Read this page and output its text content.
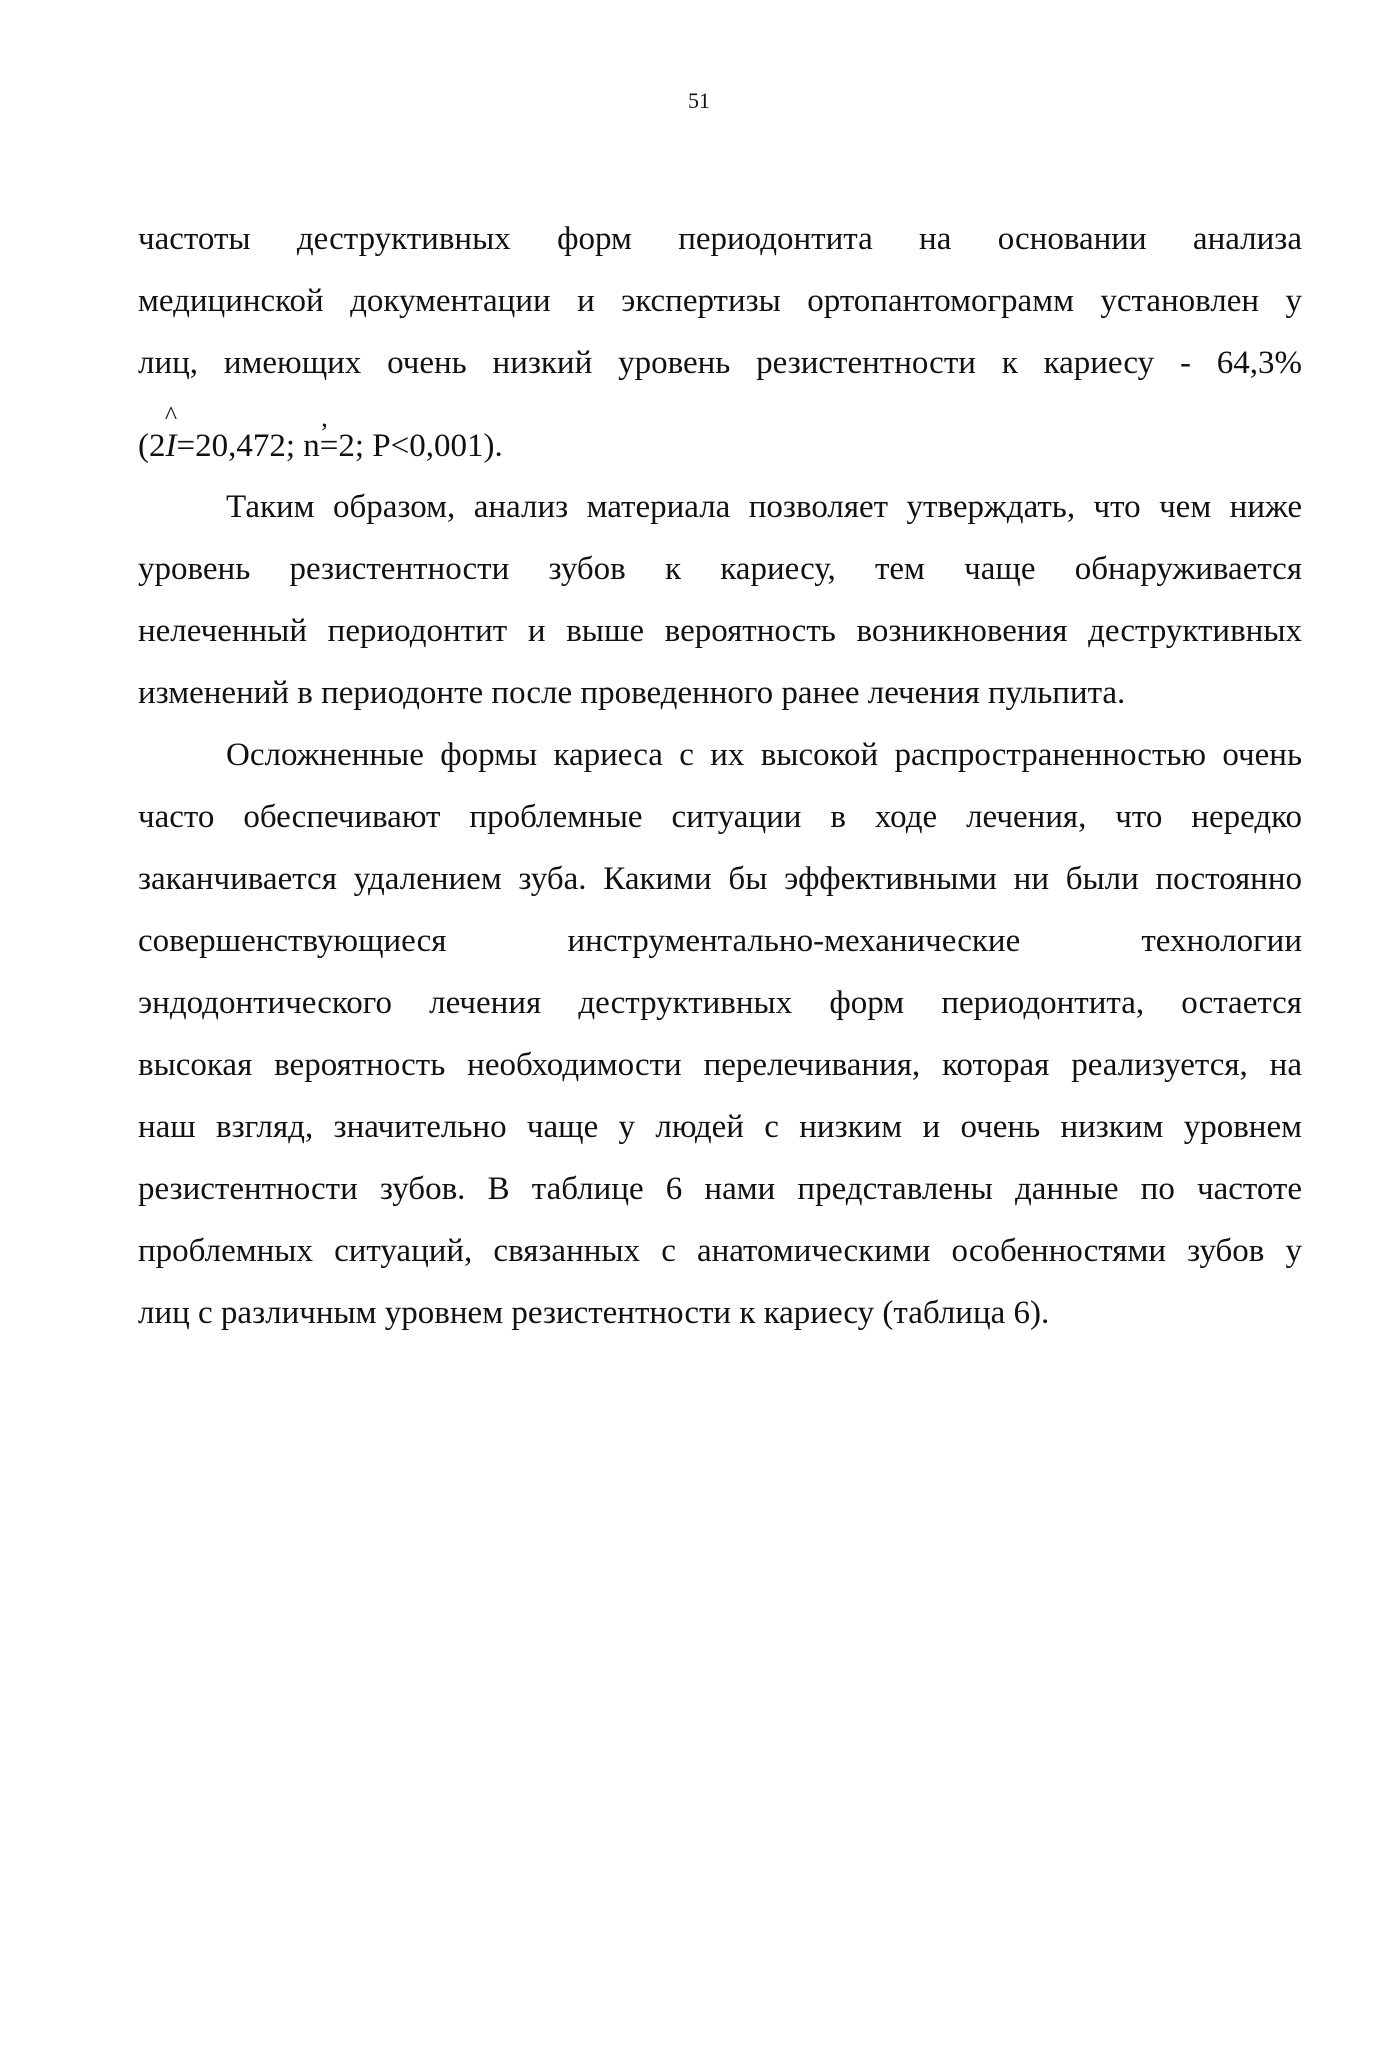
51
частоты деструктивных форм периодонтита на основании анализа
медицинской документации и экспертизы ортопантомограмм установлен у
лиц, имеющих очень низкий уровень резистентности к кариесу - 64,3%
(2^ I=20,472; n ,=2; P<0,001).
Таким образом, анализ материала позволяет утверждать, что чем ниже
уровень резистентности зубов к кариесу, тем чаще обнаруживается
нелеченный периодонтит и выше вероятность возникновения деструктивных
изменений в периодонте после проведенного ранее лечения пульпита.
Осложненные формы кариеса с их высокой распространенностью очень
часто обеспечивают проблемные ситуации в ходе лечения, что нередко
заканчивается удалением зуба. Какими бы эффективными ни были постоянно
совершенствующиеся инструментально-механические технологии
эндодонтического лечения деструктивных форм периодонтита, остается
высокая вероятность необходимости перелечивания, которая реализуется, на
наш взгляд, значительно чаще у людей с низким и очень низким уровнем
резистентности зубов. В таблице 6 нами представлены данные по частоте
проблемных ситуаций, связанных с анатомическими особенностями зубов у
лиц с различным уровнем резистентности к кариесу (таблица 6).
